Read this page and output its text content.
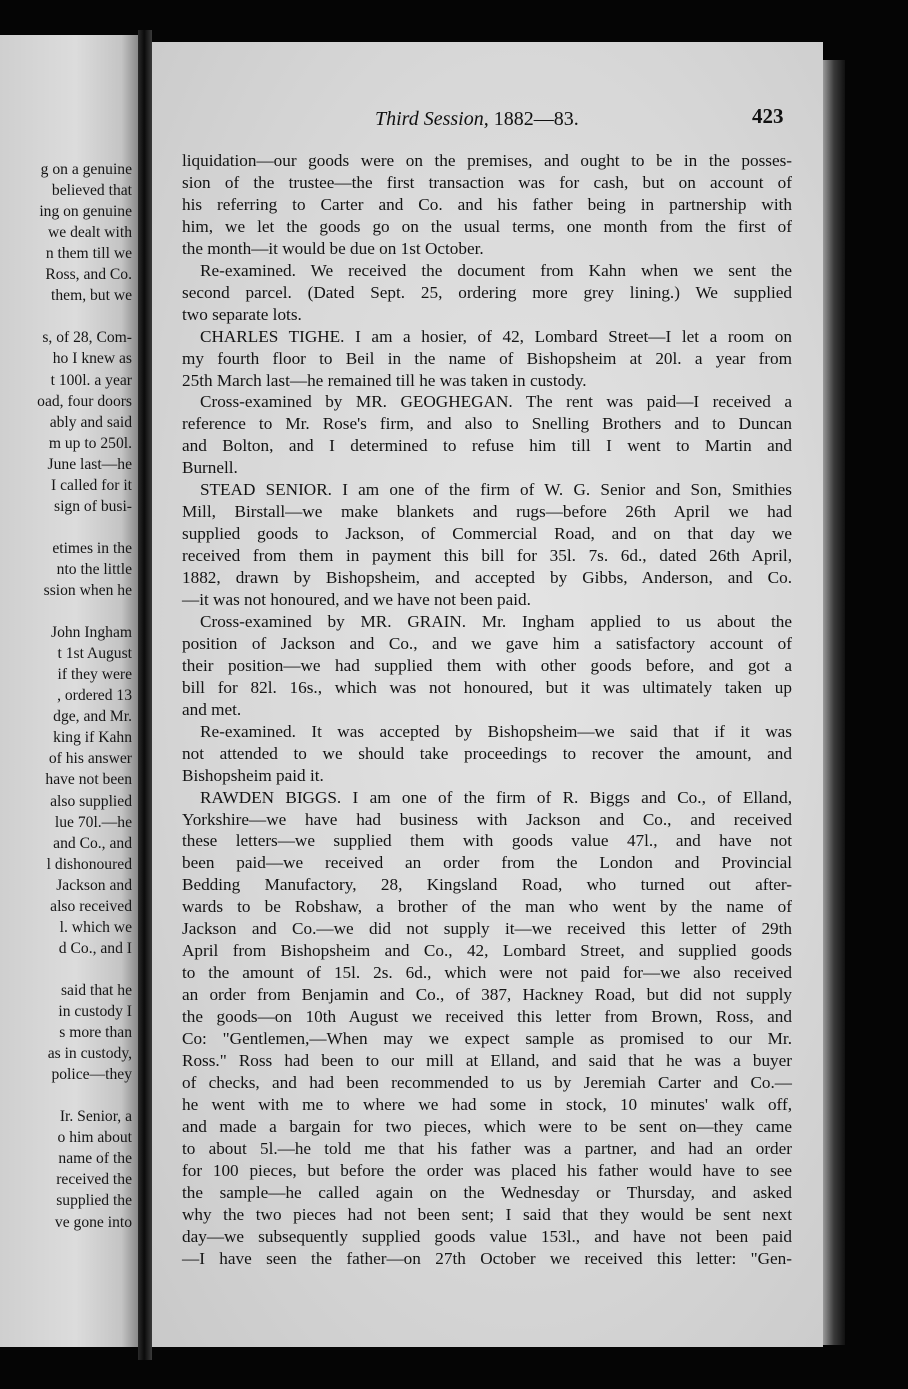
g on a genuine
believed that
ing on genuine
we dealt with
n them till we
Ross, and Co.
them, but we
s, of 28, Com-
ho I knew as
t 100l. a year
oad, four doors
ably and said
m up to 250l.
June last—he
I called for it
sign of busi-
etimes in the
nto the little
ssion when he
John Ingham
t 1st August
if they were
, ordered 13
dge, and Mr.
king if Kahn
of his answer
have not been
also supplied
lue 70l.—he
and Co., and
l dishonoured
Jackson and
also received
l. which we
d Co., and I
said that he
in custody I
s more than
as in custody,
police—they
Ir. Senior, a
o him about
name of the
received the
supplied the
ve gone into
Third Session, 1882—83.	423
liquidation—our goods were on the premises, and ought to be in the posses-
sion of the trustee—the first transaction was for cash, but on account of
his referring to Carter and Co. and his father being in partnership with
him, we let the goods go on the usual terms, one month from the first of
the month—it would be due on 1st October.
Re-examined. We received the document from Kahn when we sent the
second parcel. (Dated Sept. 25, ordering more grey lining.) We supplied
two separate lots.
CHARLES TIGHE. I am a hosier, of 42, Lombard Street—I let a room on
my fourth floor to Beil in the name of Bishopsheim at 20l. a year from
25th March last—he remained till he was taken in custody.
Cross-examined by MR. GEOGHEGAN. The rent was paid—I received a
reference to Mr. Rose's firm, and also to Snelling Brothers and to Duncan
and Bolton, and I determined to refuse him till I went to Martin and
Burnell.
STEAD SENIOR. I am one of the firm of W. G. Senior and Son, Smithies
Mill, Birstall—we make blankets and rugs—before 26th April we had
supplied goods to Jackson, of Commercial Road, and on that day we
received from them in payment this bill for 35l. 7s. 6d., dated 26th April,
1882, drawn by Bishopsheim, and accepted by Gibbs, Anderson, and Co.
—it was not honoured, and we have not been paid.
Cross-examined by MR. GRAIN. Mr. Ingham applied to us about the
position of Jackson and Co., and we gave him a satisfactory account of
their position—we had supplied them with other goods before, and got a
bill for 82l. 16s., which was not honoured, but it was ultimately taken up
and met.
Re-examined. It was accepted by Bishopsheim—we said that if it was
not attended to we should take proceedings to recover the amount, and
Bishopsheim paid it.
RAWDEN BIGGS. I am one of the firm of R. Biggs and Co., of Elland,
Yorkshire—we have had business with Jackson and Co., and received
these letters—we supplied them with goods value 47l., and have not
been paid—we received an order from the London and Provincial
Bedding Manufactory, 28, Kingsland Road, who turned out after-
wards to be Robshaw, a brother of the man who went by the name of
Jackson and Co.—we did not supply it—we received this letter of 29th
April from Bishopsheim and Co., 42, Lombard Street, and supplied goods
to the amount of 15l. 2s. 6d., which were not paid for—we also received
an order from Benjamin and Co., of 387, Hackney Road, but did not supply
the goods—on 10th August we received this letter from Brown, Ross, and
Co: "Gentlemen,—When may we expect sample as promised to our Mr.
Ross." Ross had been to our mill at Elland, and said that he was a buyer
of checks, and had been recommended to us by Jeremiah Carter and Co.—
he went with me to where we had some in stock, 10 minutes' walk off,
and made a bargain for two pieces, which were to be sent on—they came
to about 5l.—he told me that his father was a partner, and had an order
for 100 pieces, but before the order was placed his father would have to see
the sample—he called again on the Wednesday or Thursday, and asked
why the two pieces had not been sent; I said that they would be sent next
day—we subsequently supplied goods value 153l., and have not been paid
—I have seen the father—on 27th October we received this letter: "Gen-
